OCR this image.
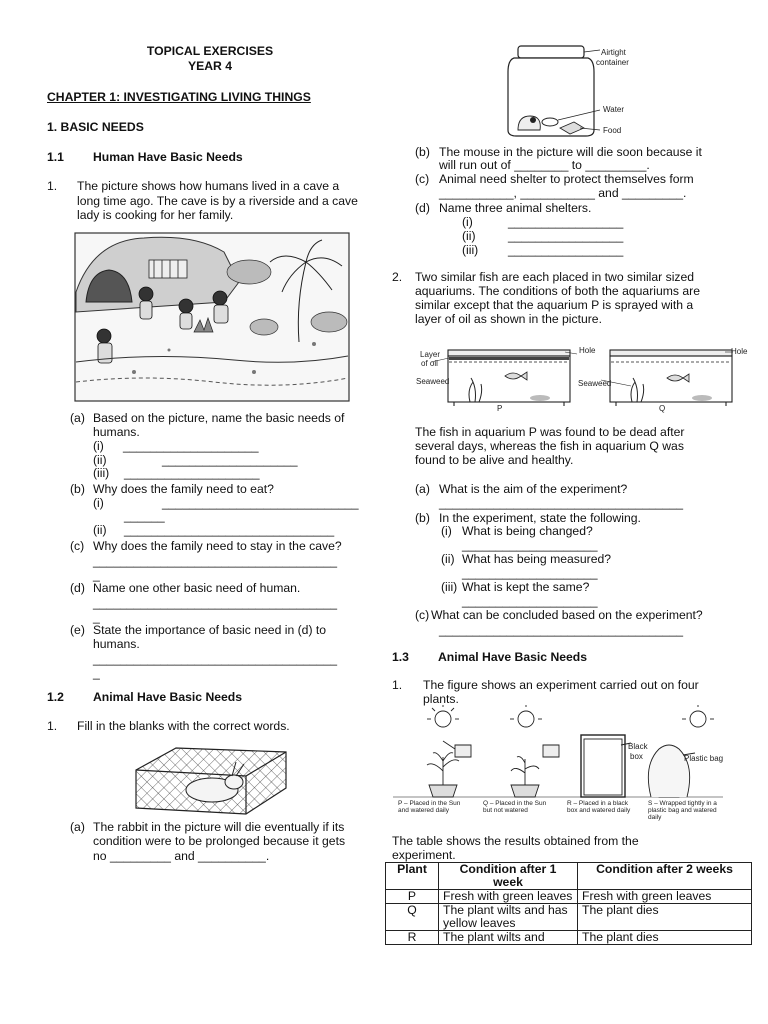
TOPICAL EXERCISES
YEAR 4
CHAPTER 1: INVESTIGATING LIVING THINGS
1. BASIC NEEDS
1.1 Human Have Basic Needs
1. The picture shows how humans lived in a cave a
long time ago. The cave is by a riverside and a cave
lady is cooking for her family.
(a) Based on the picture, name the basic needs of
humans.
(i) ____________________
(ii)	____________________
(iii) ____________________
(b) Why does the family need to eat?
(i)	_____________________________
______
(ii) _______________________________
(c) Why does the family need to stay in the cave?
____________________________________
_
(d) Name one other basic need of human.
____________________________________
_
(e) State the importance of basic need in (d) to
humans.
____________________________________
_
1.2 Animal Have Basic Needs
1. Fill in the blanks with the correct words.
(a) The rabbit in the picture will die eventually if its
condition were to be prolonged because it gets
no _________ and __________.
Airtight
container
Water
Food
(b) The mouse in the picture will die soon because it
will run out of ________ to _________.
(c) Animal need shelter to protect themselves form
___________, ___________ and _________.
(d) Name three animal shelters.
(i)	_________________
(ii)	_________________
(iii) _________________
2. Two similar fish are each placed in two similar sized
aquariums. The conditions of both the aquariums are
similar except that the aquarium P is sprayed with a
layer of oil as shown in the picture.
Layer
of oil
Seaweed	Seaweed
Hole	Hole
P	Q
The fish in aquarium P was found to be dead after
several days, whereas the fish in aquarium Q was
found to be alive and healthy.
(a) What is the aim of the experiment?
____________________________________
(b) In the experiment, state the following.
(i) What is being changed?
____________________
(ii) What has being measured?
____________________
(iii) What is kept the same?
____________________
(c) What can be concluded based on the experiment?
____________________________________
1.3 Animal Have Basic Needs
1. The figure shows an experiment carried out on four
plants.
Black
box	Plastic bag
P – Placed in the Sun and watered daily
Q – Placed in the Sun but not watered
R – Placed in a black box and watered daily
S – Wrapped tightly in a plastic bag and watered daily
The table shows the results obtained from the experiment.
Plant	Condition after 1 week	Condition after 2 weeks
P	Fresh with green leaves	Fresh with green leaves
Q	The plant wilts and has yellow leaves	The plant dies
R	The plant wilts and	The plant dies
